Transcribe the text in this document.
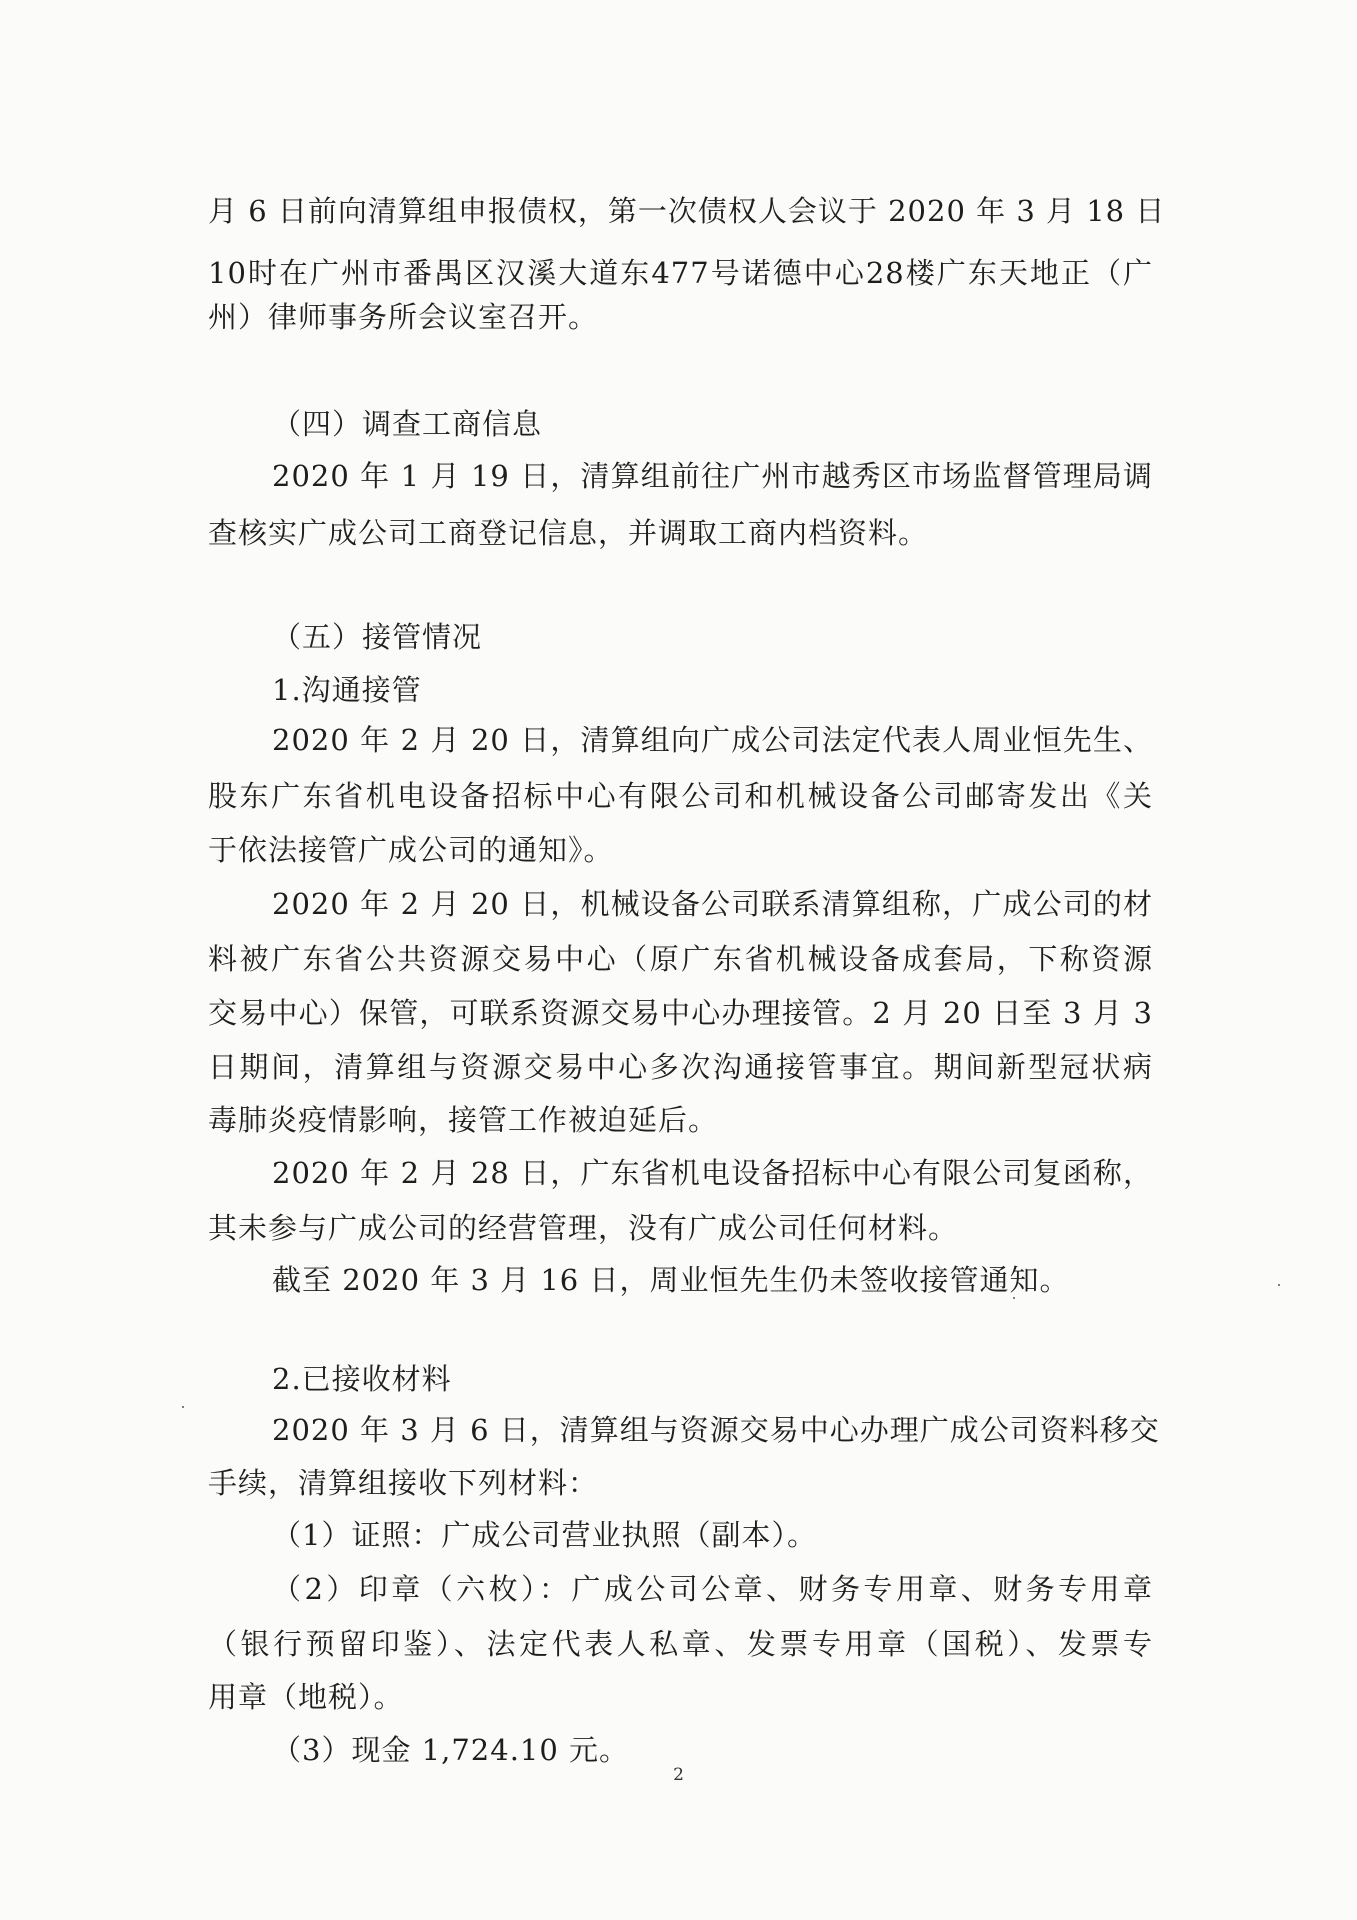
月 6 日前向清算组申报债权，第一次债权人会议于 2020 年 3 月 18 日
10时在广州市番禺区汉溪大道东477号诺德中心28楼广东天地正（广
州）律师事务所会议室召开。
（四）调查工商信息
2020 年 1 月 19 日，清算组前往广州市越秀区市场监督管理局调
查核实广成公司工商登记信息，并调取工商内档资料。
（五）接管情况
1.沟通接管
2020 年 2 月 20 日，清算组向广成公司法定代表人周业恒先生、
股东广东省机电设备招标中心有限公司和机械设备公司邮寄发出《关
于依法接管广成公司的通知》。
2020 年 2 月 20 日，机械设备公司联系清算组称，广成公司的材
料被广东省公共资源交易中心（原广东省机械设备成套局，下称资源
交易中心）保管，可联系资源交易中心办理接管。2 月 20 日至 3 月 3
日期间，清算组与资源交易中心多次沟通接管事宜。期间新型冠状病
毒肺炎疫情影响，接管工作被迫延后。
2020 年 2 月 28 日，广东省机电设备招标中心有限公司复函称，
其未参与广成公司的经营管理，没有广成公司任何材料。
截至 2020 年 3 月 16 日，周业恒先生仍未签收接管通知。
2.已接收材料
2020 年 3 月 6 日，清算组与资源交易中心办理广成公司资料移交
手续，清算组接收下列材料：
（1）证照：广成公司营业执照（副本）。
（2）印章（六枚）：广成公司公章、财务专用章、财务专用章
（银行预留印鉴）、法定代表人私章、发票专用章（国税）、发票专
用章（地税）。
（3）现金 1,724.10 元。
2
